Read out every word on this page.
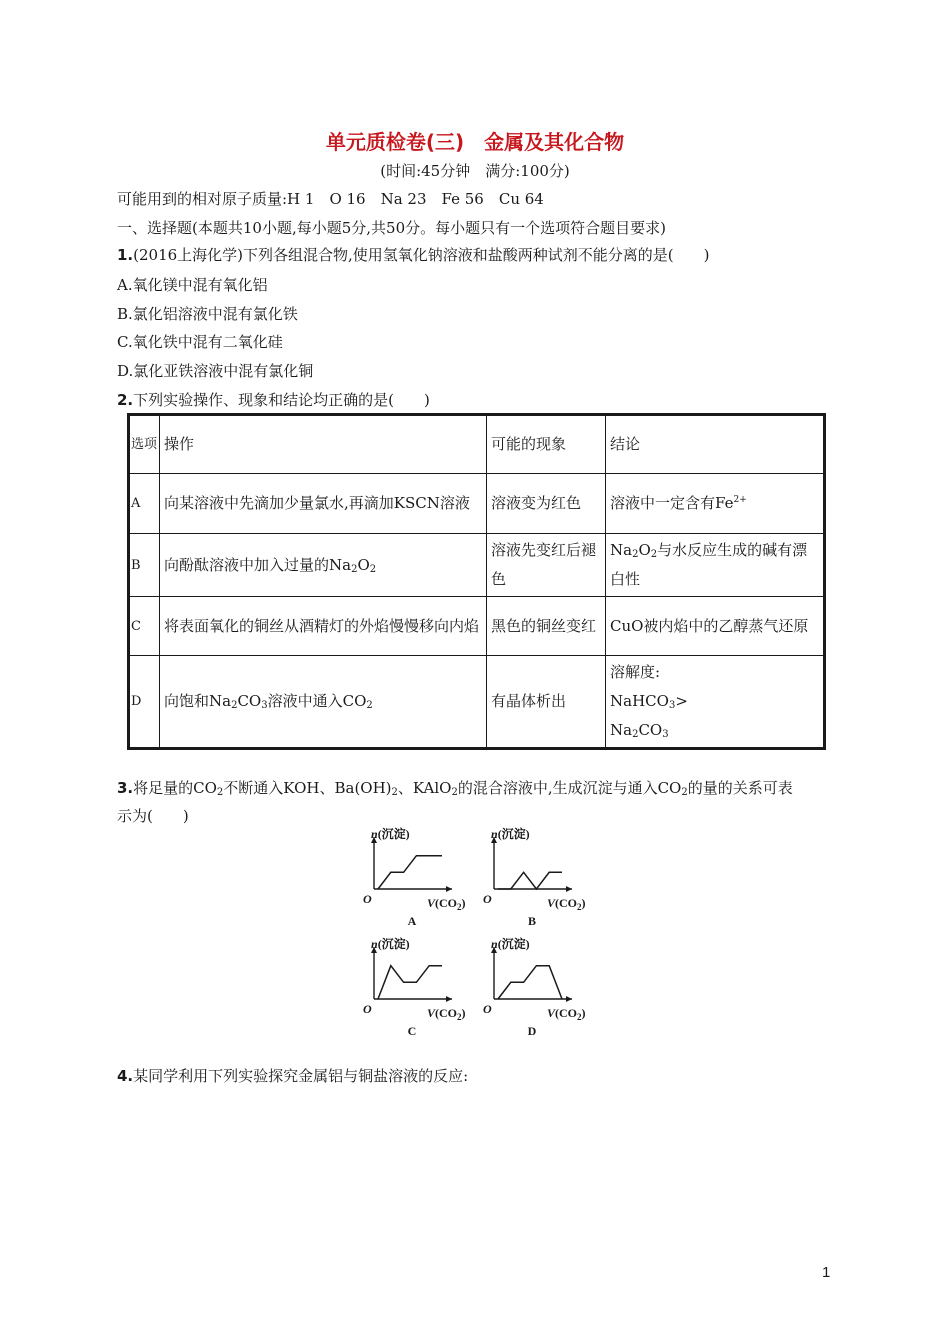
单元质检卷(三)　金属及其化合物
(时间:45分钟　满分:100分)
可能用到的相对原子质量:H 1　O 16　Na 23　Fe 56　Cu 64
一、选择题(本题共10小题,每小题5分,共50分。每小题只有一个选项符合题目要求)
1.(2016上海化学)下列各组混合物,使用氢氧化钠溶液和盐酸两种试剂不能分离的是(　　)
A.氧化镁中混有氧化铝
B.氯化铝溶液中混有氯化铁
C.氧化铁中混有二氧化硅
D.氯化亚铁溶液中混有氯化铜
2.下列实验操作、现象和结论均正确的是(　　)
选项	操作	可能的现象	结论
A	向某溶液中先滴加少量氯水,再滴加KSCN溶液	溶液变为红色	溶液中一定含有$Fe^{2+}$
B	向酚酞溶液中加入过量的$Na_2O_2$	溶液先变红后褪色	$Na_2O_2$与水反应生成的碱有漂白性
C	将表面氧化的铜丝从酒精灯的外焰慢慢移向内焰	黑色的铜丝变红	CuO被内焰中的乙醇蒸气还原
D	向饱和$Na_2CO_3$溶液中通入$CO_2$	有晶体析出	溶解度:
NaHCO$_3$>
$Na_2CO_3$
3.将足量的$CO_2$不断通入KOH、$Ba(OH)_2$、KAlO$_2$的混合溶液中,生成沉淀与通入$CO_2$的量的关系可表
示为(　　)
n(沉淀)
O	$V(CO_2)$
A
n(沉淀)
O	$V(CO_2)$
B
n(沉淀)
O	$V(CO_2)$
C
n(沉淀)
O	$V(CO_2)$
D
4.某同学利用下列实验探究金属铝与铜盐溶液的反应:
1
